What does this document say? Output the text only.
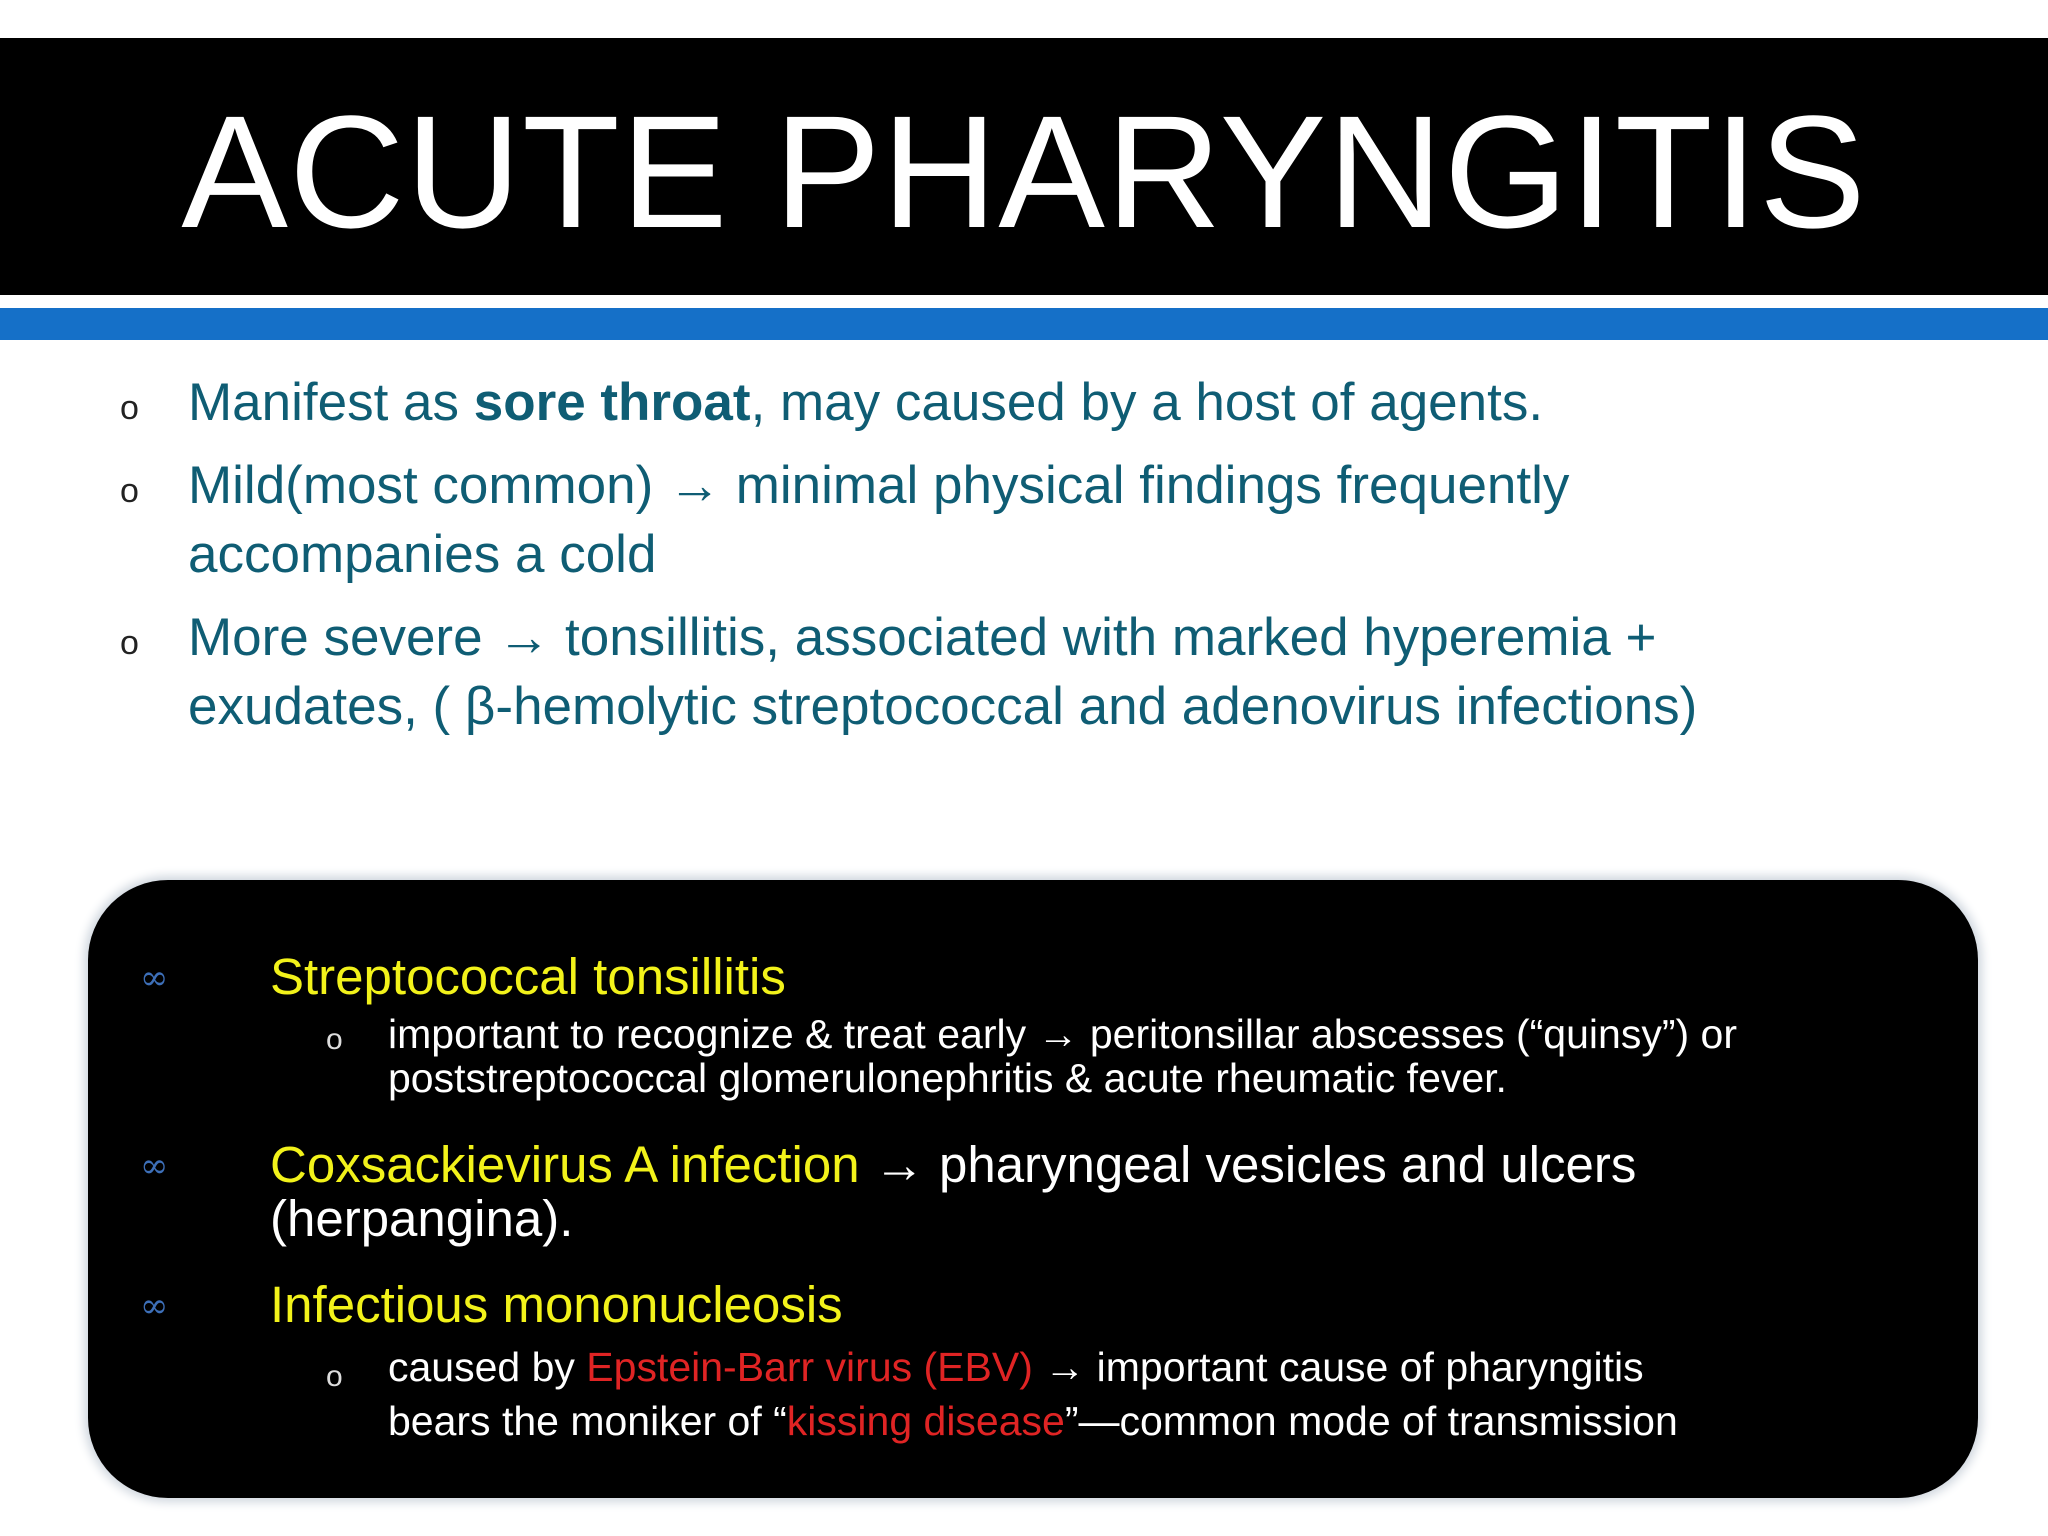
ACUTE PHARYNGITIS
o Manifest as sore throat, may caused by a host of agents.
o Mild(most common) → minimal physical findings frequently
accompanies a cold
o More severe → tonsillitis, associated with marked hyperemia +
exudates, ( β-hemolytic streptococcal and adenovirus infections)
∞ Streptococcal tonsillitis
o important to recognize & treat early → peritonsillar abscesses (“quinsy”) or
poststreptococcal glomerulonephritis & acute rheumatic fever.
∞ Coxsackievirus A infection → pharyngeal vesicles and ulcers
(herpangina).
∞ Infectious mononucleosis
o caused by Epstein-Barr virus (EBV) → important cause of pharyngitis
bears the moniker of “kissing disease”—common mode of transmission
